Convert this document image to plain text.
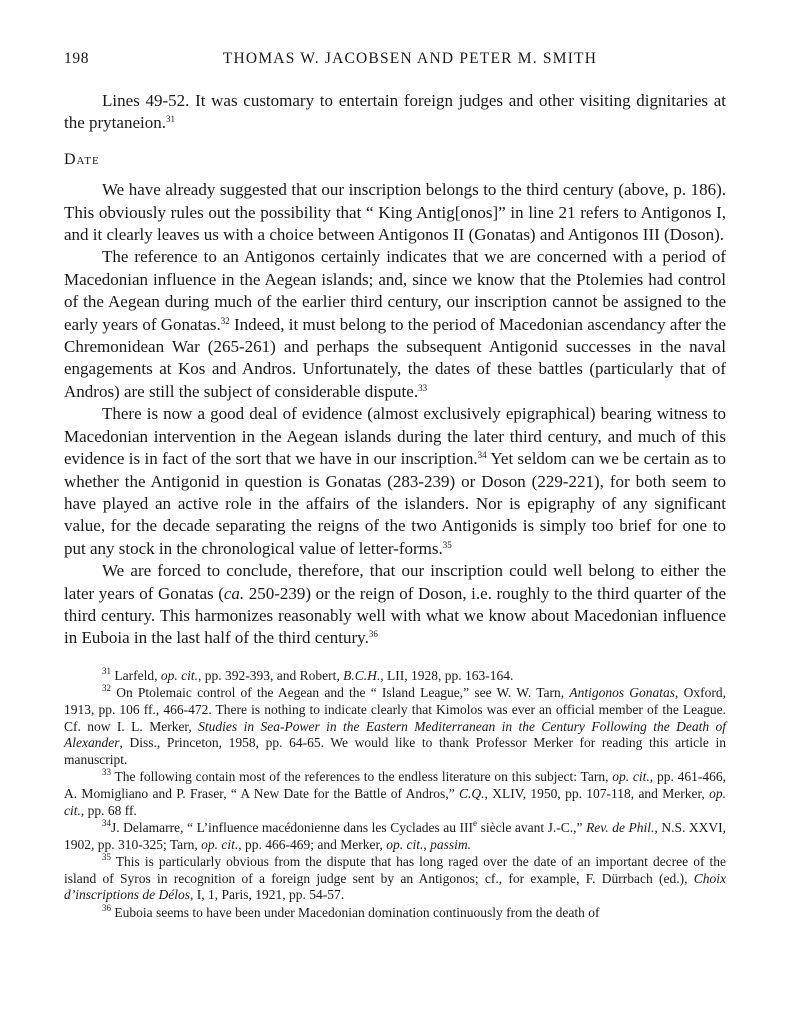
198	THOMAS W. JACOBSEN AND PETER M. SMITH

Lines 49-52. It was customary to entertain foreign judges and other visiting dignitaries at the prytaneion.$^{31}$

Date

We have already suggested that our inscription belongs to the third century (above, p. 186). This obviously rules out the possibility that “ King Antig[onos]” in line 21 refers to Antigonos I, and it clearly leaves us with a choice between Antigonos II (Gonatas) and Antigonos III (Doson).

The reference to an Antigonos certainly indicates that we are concerned with a period of Macedonian influence in the Aegean islands; and, since we know that the Ptolemies had control of the Aegean during much of the earlier third century, our inscription cannot be assigned to the early years of Gonatas.$^{32}$ Indeed, it must belong to the period of Macedonian ascendancy after the Chremonidean War (265-261) and perhaps the subsequent Antigonid successes in the naval engagements at Kos and Andros. Unfortunately, the dates of these battles (particularly that of Andros) are still the subject of considerable dispute.$^{33}$

There is now a good deal of evidence (almost exclusively epigraphical) bearing witness to Macedonian intervention in the Aegean islands during the later third century, and much of this evidence is in fact of the sort that we have in our inscription.$^{34}$ Yet seldom can we be certain as to whether the Antigonid in question is Gonatas (283-239) or Doson (229-221), for both seem to have played an active role in the affairs of the islanders. Nor is epigraphy of any significant value, for the decade separating the reigns of the two Antigonids is simply too brief for one to put any stock in the chronological value of letter-forms.$^{35}$

We are forced to conclude, therefore, that our inscription could well belong to either the later years of Gonatas (ca. 250-239) or the reign of Doson, i.e. roughly to the third quarter of the third century. This harmonizes reasonably well with what we know about Macedonian influence in Euboia in the last half of the third century.$^{36}$

$^{31}$ Larfeld, op. cit., pp. 392-393, and Robert, B.C.H., LII, 1928, pp. 163-164.

$^{32}$ On Ptolemaic control of the Aegean and the “ Island League,” see W. W. Tarn, Antigonos Gonatas, Oxford, 1913, pp. 106 ff., 466-472. There is nothing to indicate clearly that Kimolos was ever an official member of the League. Cf. now I. L. Merker, Studies in Sea-Power in the Eastern Mediterranean in the Century Following the Death of Alexander, Diss., Princeton, 1958, pp. 64-65. We would like to thank Professor Merker for reading this article in manuscript.

$^{33}$ The following contain most of the references to the endless literature on this subject: Tarn, op. cit., pp. 461-466, A. Momigliano and P. Fraser, “ A New Date for the Battle of Andros,” C.Q., XLIV, 1950, pp. 107-118, and Merker, op. cit., pp. 68 ff.

$^{34}$J. Delamarre, “ L’influence macédonienne dans les Cyclades au IIIe siècle avant J.-C.,” Rev. de Phil., N.S. XXVI, 1902, pp. 310-325; Tarn, op. cit., pp. 466-469; and Merker, op. cit., passim.

$^{35}$ This is particularly obvious from the dispute that has long raged over the date of an important decree of the island of Syros in recognition of a foreign judge sent by an Antigonos; cf., for example, F. Dürrbach (ed.), Choix d’inscriptions de Délos, I, 1, Paris, 1921, pp. 54-57.

$^{36}$ Euboia seems to have been under Macedonian domination continuously from the death of
